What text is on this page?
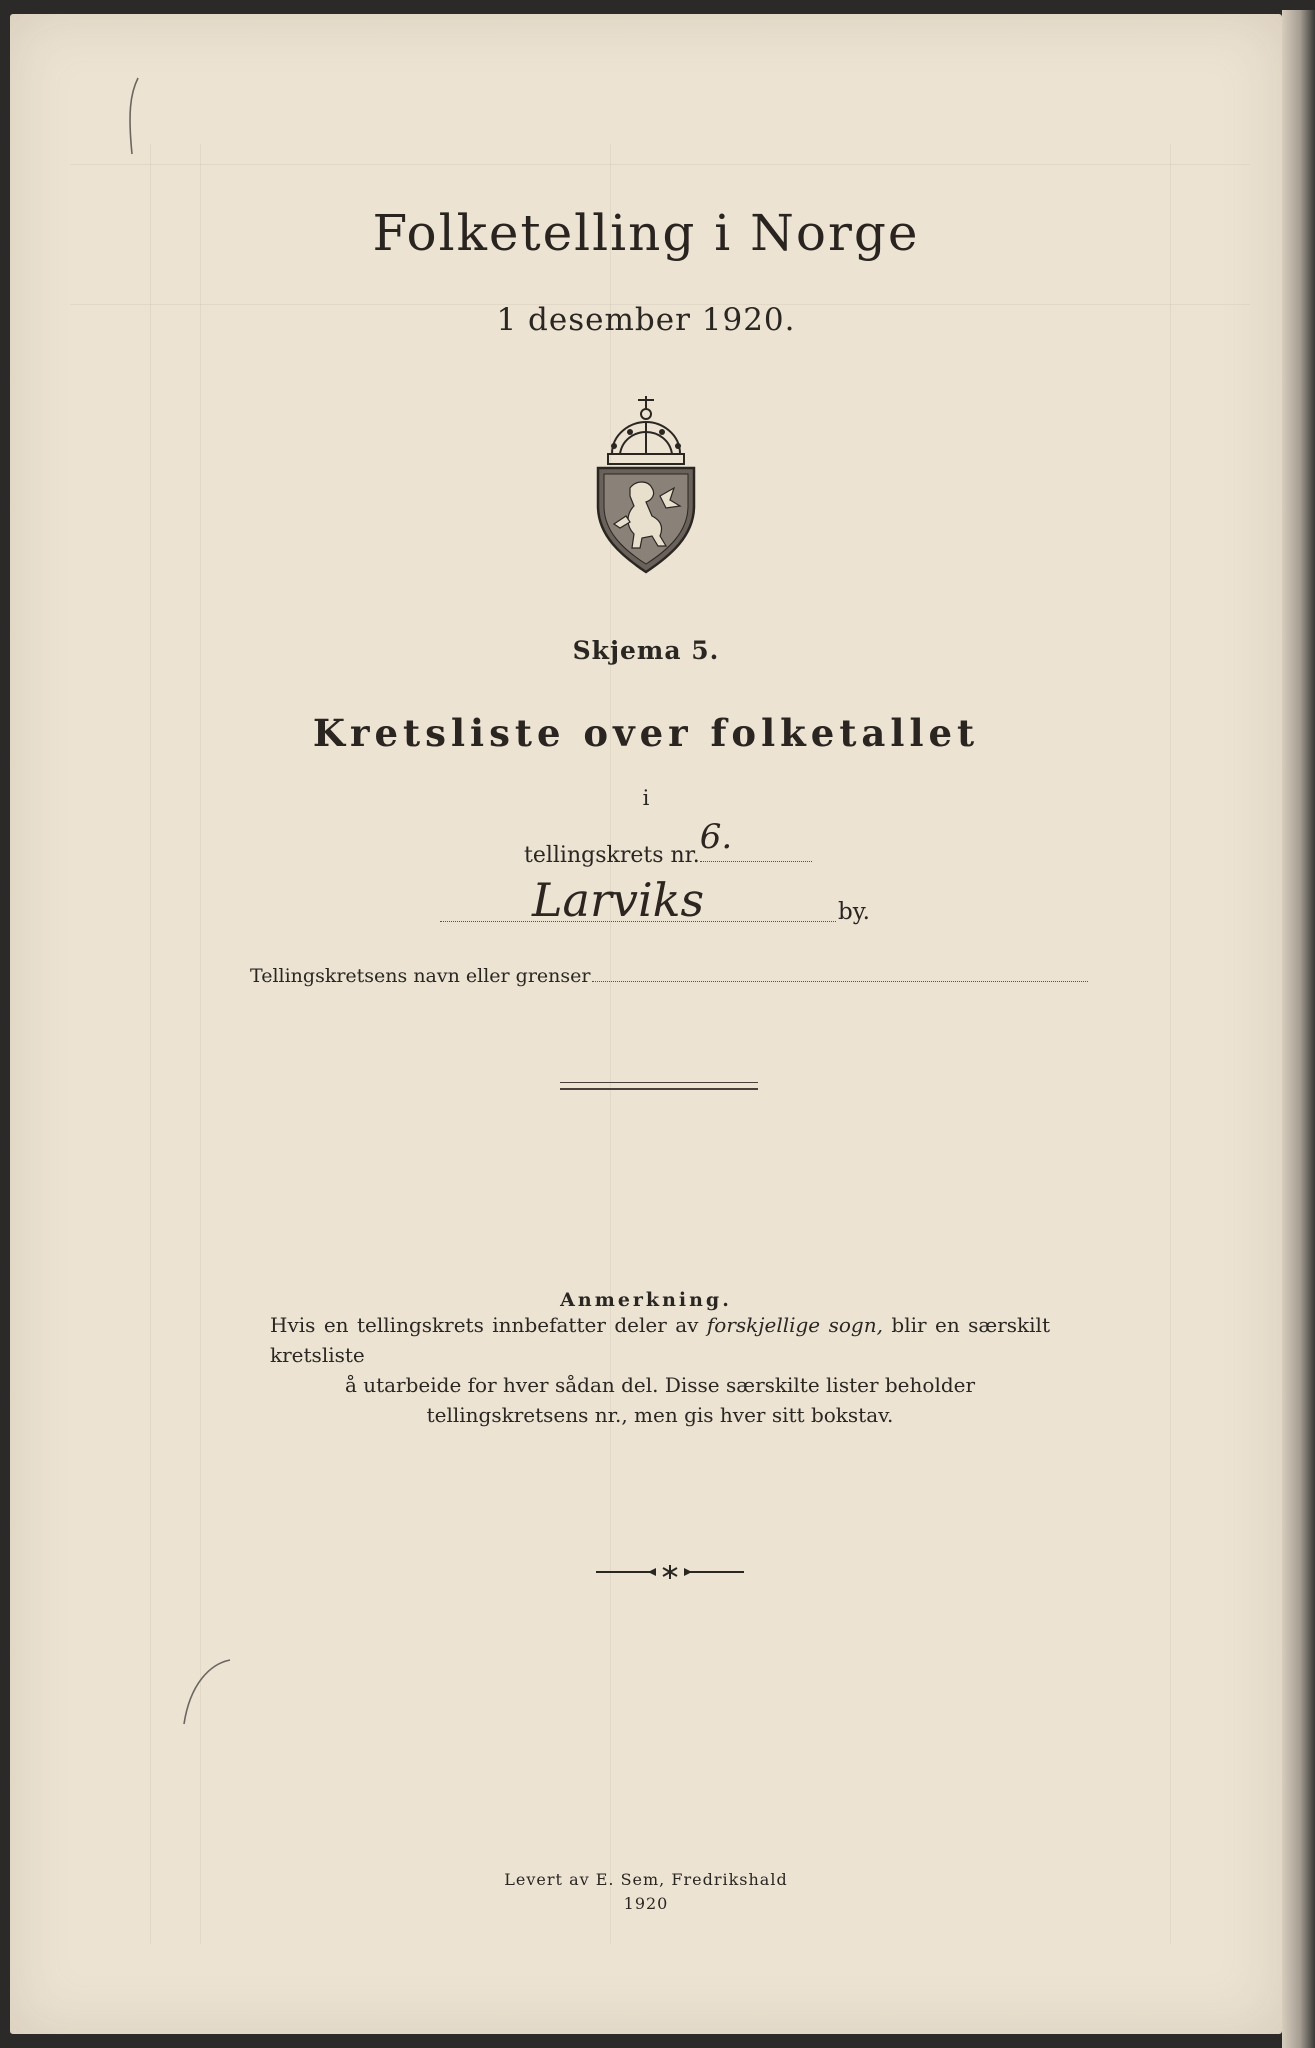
Folketelling i Norge
1 desember 1920.
Skjema 5.
Kretsliste over folketallet
i
tellingskrets nr. 6.
Larviks	by.
Tellingskretsens navn eller grenser
Anmerkning.
Hvis en tellingskrets innbefatter deler av forskjellige sogn, blir en særskilt kretsliste
å utarbeide for hver sådan del. Disse særskilte lister beholder
tellingskretsens nr., men gis hver sitt bokstav.
Levert av E. Sem, Fredrikshald
1920
